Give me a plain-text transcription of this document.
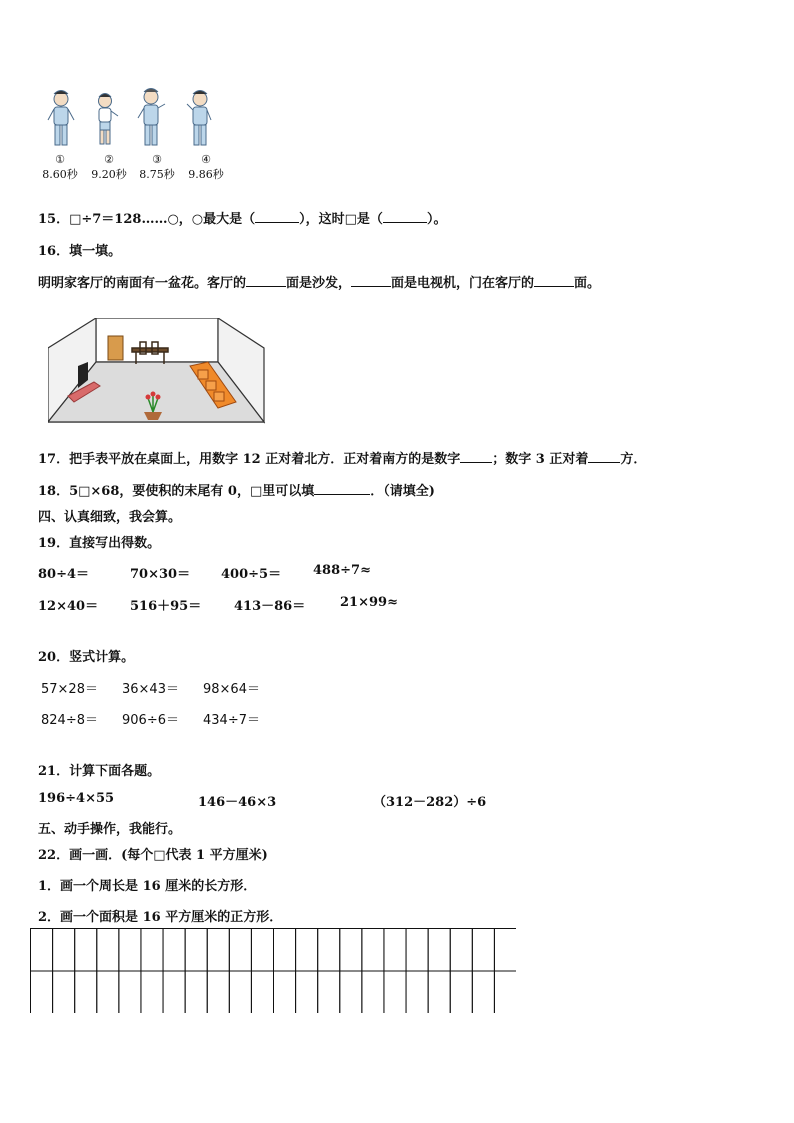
①
8.60秒
②
9.20秒
③
8.75秒
④
9.86秒
15．□÷7＝128……○，○最大是（	），这时□是（	）。
16．填一填。
明明家客厅的南面有一盆花。客厅的	面是沙发，	面是电视机，门在客厅的	面。
17．把手表平放在桌面上，用数字 12 正对着北方．正对着南方的是数字 ；数字 3 正对着 方．
18．5□×68，要使积的末尾有 0，□里可以填	．（请填全)
四、认真细致，我会算。
19．直接写出得数。
80÷4＝	70×30＝ 400÷5＝ 488÷7≈
12×40＝ 516＋95＝	413－86＝	21×99≈
20．竖式计算。
57×28＝ 36×43＝ 98×64＝
824÷8＝ 906÷6＝ 434÷7＝
21．计算下面各题。
196÷4×55	146－46×3	（312－282）÷6
五、动手操作，我能行。
22．画一画．(每个□代表 1 平方厘米)
1．画一个周长是 16 厘米的长方形．
2．画一个面积是 16 平方厘米的正方形．
